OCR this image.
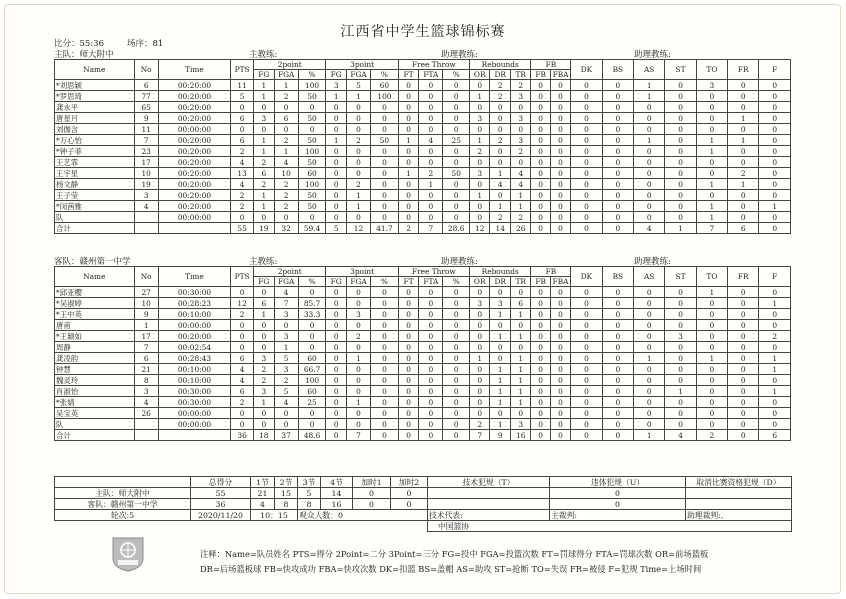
江西省中学生篮球锦标赛
比分：55:36	场序：81
主队：师大附中	主教练:	助理教练:	助理教练:
Name	No	Time	PTS	2point			3point			Free Throw			Rebounds			FB		DK	BS	AS	ST	TO	FR	F
				FG	FGA	%	FG	FGA	%	FT	FTA	%	OR	DR	TR	FB	FBA							
*刘思颖	6	00:20:00	11	1	1	100	3	5	60	0	0	0	0	2	2	0	0	0	0	1	0	3	0	0
*罗思琦	77	00:20:00	5	1	2	50	1	1	100	0	0	0	1	2	3	0	0	0	0	1	0	0	0	0
龚永平	65	00:20:00	0	0	0	0	0	0	0	0	0	0	0	0	0	0	0	0	0	0	0	0	0	0
唐星月	9	00:20:00	6	3	6	50	0	0	0	0	0	0	3	0	3	0	0	0	0	0	0	0	1	0
刘伽含	11	00:00:00	0	0	0	0	0	0	0	0	0	0	0	0	0	0	0	0	0	0	0	0	0	0
*万心怡	7	00:20:00	6	1	2	50	1	2	50	1	4	25	1	2	3	0	0	0	0	1	0	1	1	0
*钟子菲	23	00:20:00	2	1	1	100	0	0	0	0	0	0	2	0	2	0	0	0	0	0	0	1	0	0
王艺霏	17	00:20:00	4	2	4	50	0	0	0	0	0	0	0	0	0	0	0	0	0	0	0	0	0	0
王宇星	10	00:20:00	13	6	10	60	0	0	0	1	2	50	3	1	4	0	0	0	0	0	0	0	2	0
杨文静	19	00:20:00	4	2	2	100	0	2	0	0	1	0	0	4	4	0	0	0	0	0	0	1	1	0
王子莹	3	00:20:00	2	1	2	50	0	1	0	0	0	0	1	0	1	0	0	0	0	0	0	0	0	0
*闵茜雅	4	00:20:00	2	1	2	50	0	1	0	0	0	0	0	1	1	0	0	0	0	0	0	1	0	1
队		00:00:00	0	0	0	0	0	0	0	0	0	0	0	2	2	0	0	0	0	0	0	1	0	0
合计			55	19	32	59.4	5	12	41.7	2	7	28.6	12	14	26	0	0	0	0	4	1	7	6	0
客队：赣州第一中学	主教练:	助理教练:	助理教练:
Name	No	Time	PTS	2point			3point			Free Throw			Rebounds			FB		DK	BS	AS	ST	TO	FR	F
				FG	FGA	%	FG	FGA	%	FT	FTA	%	OR	DR	TR	FB	FBA							
*邱亚樱	27	00:30:00	0	0	4	0	0	0	0	0	0	0	0	0	0	0	0	0	0	0	0	1	0	0
*吴淑婷	10	00:28:23	12	6	7	85.7	0	0	0	0	0	0	3	3	6	0	0	0	0	0	0	0	0	1
*王中英	9	00:10:00	2	1	3	33.3	0	3	0	0	0	0	0	1	1	0	0	0	0	0	0	0	0	0
唐甫	1	00:00:00	0	0	0	0	0	0	0	0	0	0	0	0	0	0	0	0	0	0	0	0	0	0
*王颖如	17	00:20:00	0	0	3	0	0	2	0	0	0	0	0	1	1	0	0	0	0	0	3	0	0	2
周静	7	00:02:54	0	0	1	0	0	0	0	0	0	0	0	0	0	0	0	0	0	0	0	0	0	0
龚凌韵	6	00:28:43	6	3	5	60	0	1	0	0	0	0	1	0	1	0	0	0	0	1	0	1	0	1
钟慧	21	00:10:00	4	2	3	66.7	0	0	0	0	0	0	0	1	1	0	0	0	0	0	0	0	0	1
魏灵玲	8	00:10:00	4	2	2	100	0	0	0	0	0	0	0	1	1	0	0	0	0	0	0	0	0	0
肖淑怡	3	00:30:00	6	3	5	60	0	0	0	0	0	0	0	1	1	0	0	0	0	0	1	0	0	1
*张婧	4	00:30:00	2	1	4	25	0	1	0	0	0	0	0	1	1	0	0	0	0	0	0	0	0	0
吴宝英	26	00:00:00	0	0	0	0	0	0	0	0	0	0	0	0	0	0	0	0	0	0	0	0	0	0
队		00:00:00	0	0	0	0	0	0	0	0	0	0	2	1	3	0	0	0	0	0	0	0	0	0
合计			36	18	37	48.6	0	7	0	0	0	0	7	9	16	0	0	0	0	1	4	2	0	6
	总得分	1节	2节	3节	4节	加时1	加时2	技术犯规（T）	违体犯规（U）	取消比赛资格犯规（D）
主队：师大附中	55	21	15	5	14	0	0		0	
客队：赣州第一中学	36	4	8	8	16	0	0		0	
轮次:5	2020/11/20	10：15		观众人数：0				技术代表:	主裁判:	助理裁判:,
								中国篮协		
注释：Name=队员姓名 PTS=得分 2Point=二分 3Point=三分 FG=投中 FGA=投篮次数 FT=罚球得分 FTA=罚球次数 OR=前场篮板
DR=后场篮板球 FB=快攻成功 FBA=快攻次数 DK=扣篮 BS=盖帽 AS=助攻 ST=抢断 TO=失误 FR=被侵 F=犯规 Time=上场时间
